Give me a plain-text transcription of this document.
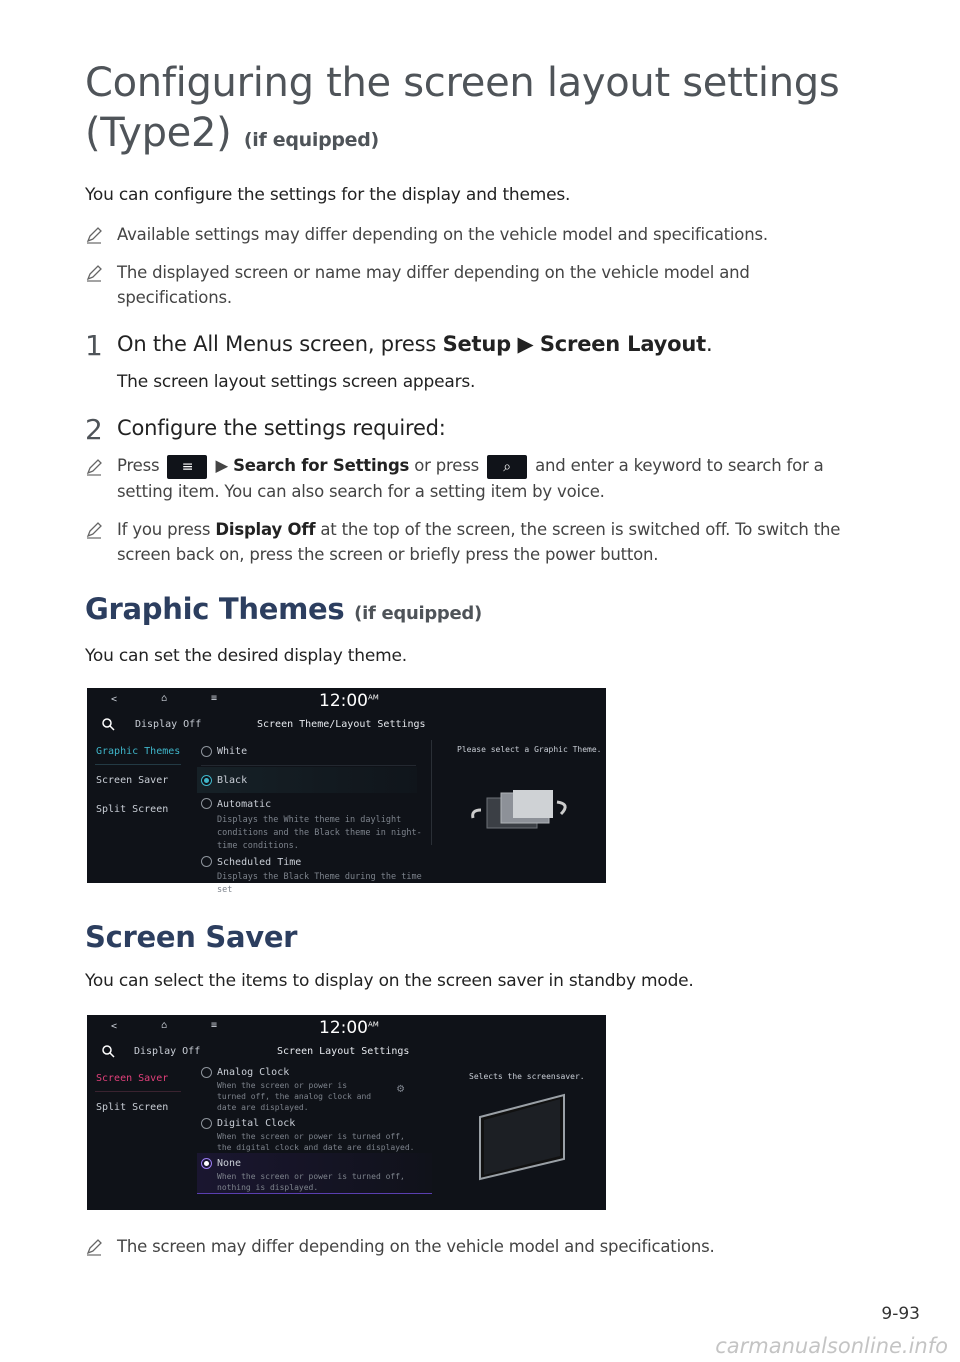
Configuring the screen layout settings
(Type2) (if equipped)
You can configure the settings for the display and themes.
Available settings may differ depending on the vehicle model and specifications.
The displayed screen or name may differ depending on the vehicle model and
specifications.
1 On the All Menus screen, press Setup ▶ Screen Layout.
The screen layout settings screen appears.
2 Configure the settings required:
Press ≡ ▶ Search for Settings or press ⌕ and enter a keyword to search for a
setting item. You can also search for a setting item by voice.
If you press Display Off at the top of the screen, the screen is switched off. To switch the
screen back on, press the screen or briefly press the power button.
Graphic Themes (if equipped)
You can set the desired display theme.
<	⌂	≡	$12:00^{AM}$
Display Off	Screen Theme/Layout Settings
Graphic Themes
Screen Saver
Split Screen
White
Black
Automatic
Displays the White theme in daylight conditions and the Black theme in night-time conditions.
Scheduled Time
Displays the Black Theme during the time set
Please select a Graphic Theme.
Screen Saver
You can select the items to display on the screen saver in standby mode.
<	⌂	≡	$12:00^{AM}$
Display Off	Screen Layout Settings
Screen Saver
Split Screen
Analog Clock
When the screen or power is turned off, the analog clock and date are displayed.
⚙
Digital Clock
When the screen or power is turned off, the digital clock and date are displayed.
None
When the screen or power is turned off, nothing is displayed.
Selects the screensaver.
The screen may differ depending on the vehicle model and specifications.
9-93
carmanualsonline.info
